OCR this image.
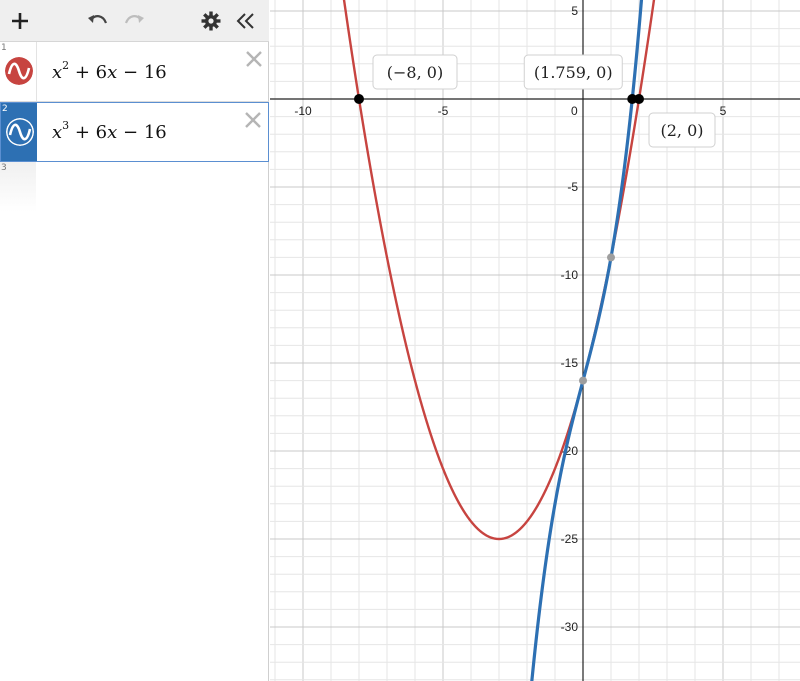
1
$x^2 + 6x - 16$
2
$x^3 + 6x - 16$
3
-10	-5	0	5
5
-5
-10
-15
-20
-25
-30
(−8, 0)	(1.759, 0)
(2, 0)
